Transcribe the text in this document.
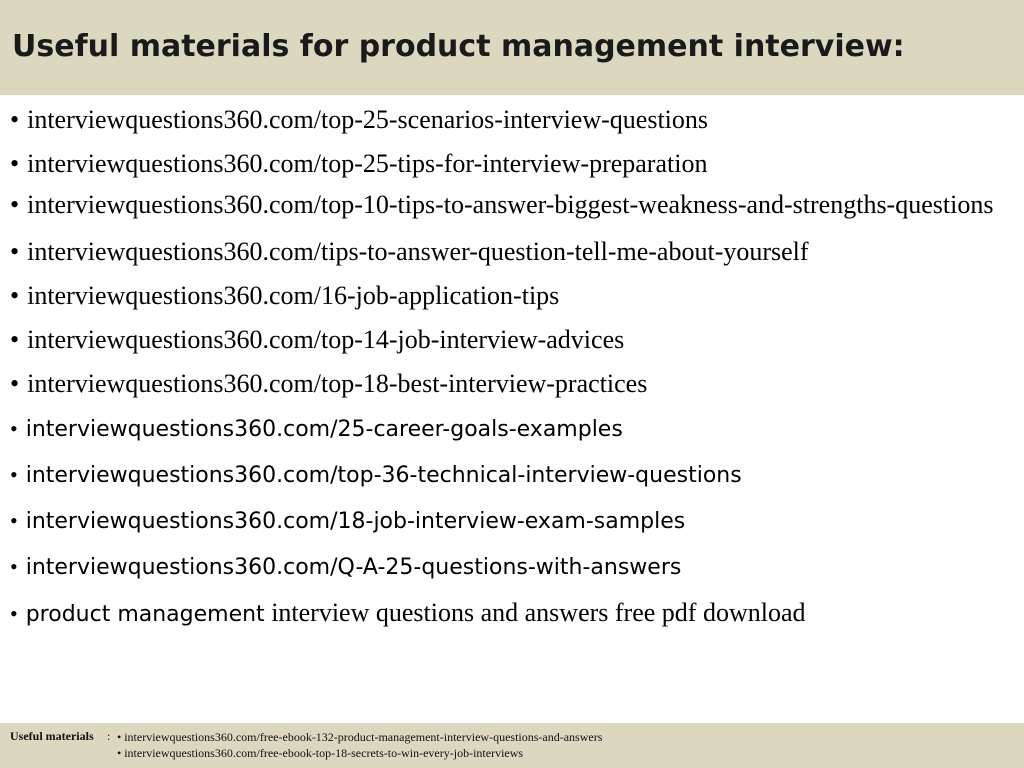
Useful materials for product management interview:
• interviewquestions360.com/top-25-scenarios-interview-questions
• interviewquestions360.com/top-25-tips-for-interview-preparation
• interviewquestions360.com/top-10-tips-to-answer-biggest-weakness-and-strengths-questions
• interviewquestions360.com/tips-to-answer-question-tell-me-about-yourself
• interviewquestions360.com/16-job-application-tips
• interviewquestions360.com/top-14-job-interview-advices
• interviewquestions360.com/top-18-best-interview-practices
• interviewquestions360.com/25-career-goals-examples
• interviewquestions360.com/top-36-technical-interview-questions
• interviewquestions360.com/18-job-interview-exam-samples
• interviewquestions360.com/Q-A-25-questions-with-answers
• product management interview questions and answers free pdf download
Useful materials : • interviewquestions360.com/free-ebook-132-product-management-interview-questions-and-answers
• interviewquestions360.com/free-ebook-top-18-secrets-to-win-every-job-interviews
